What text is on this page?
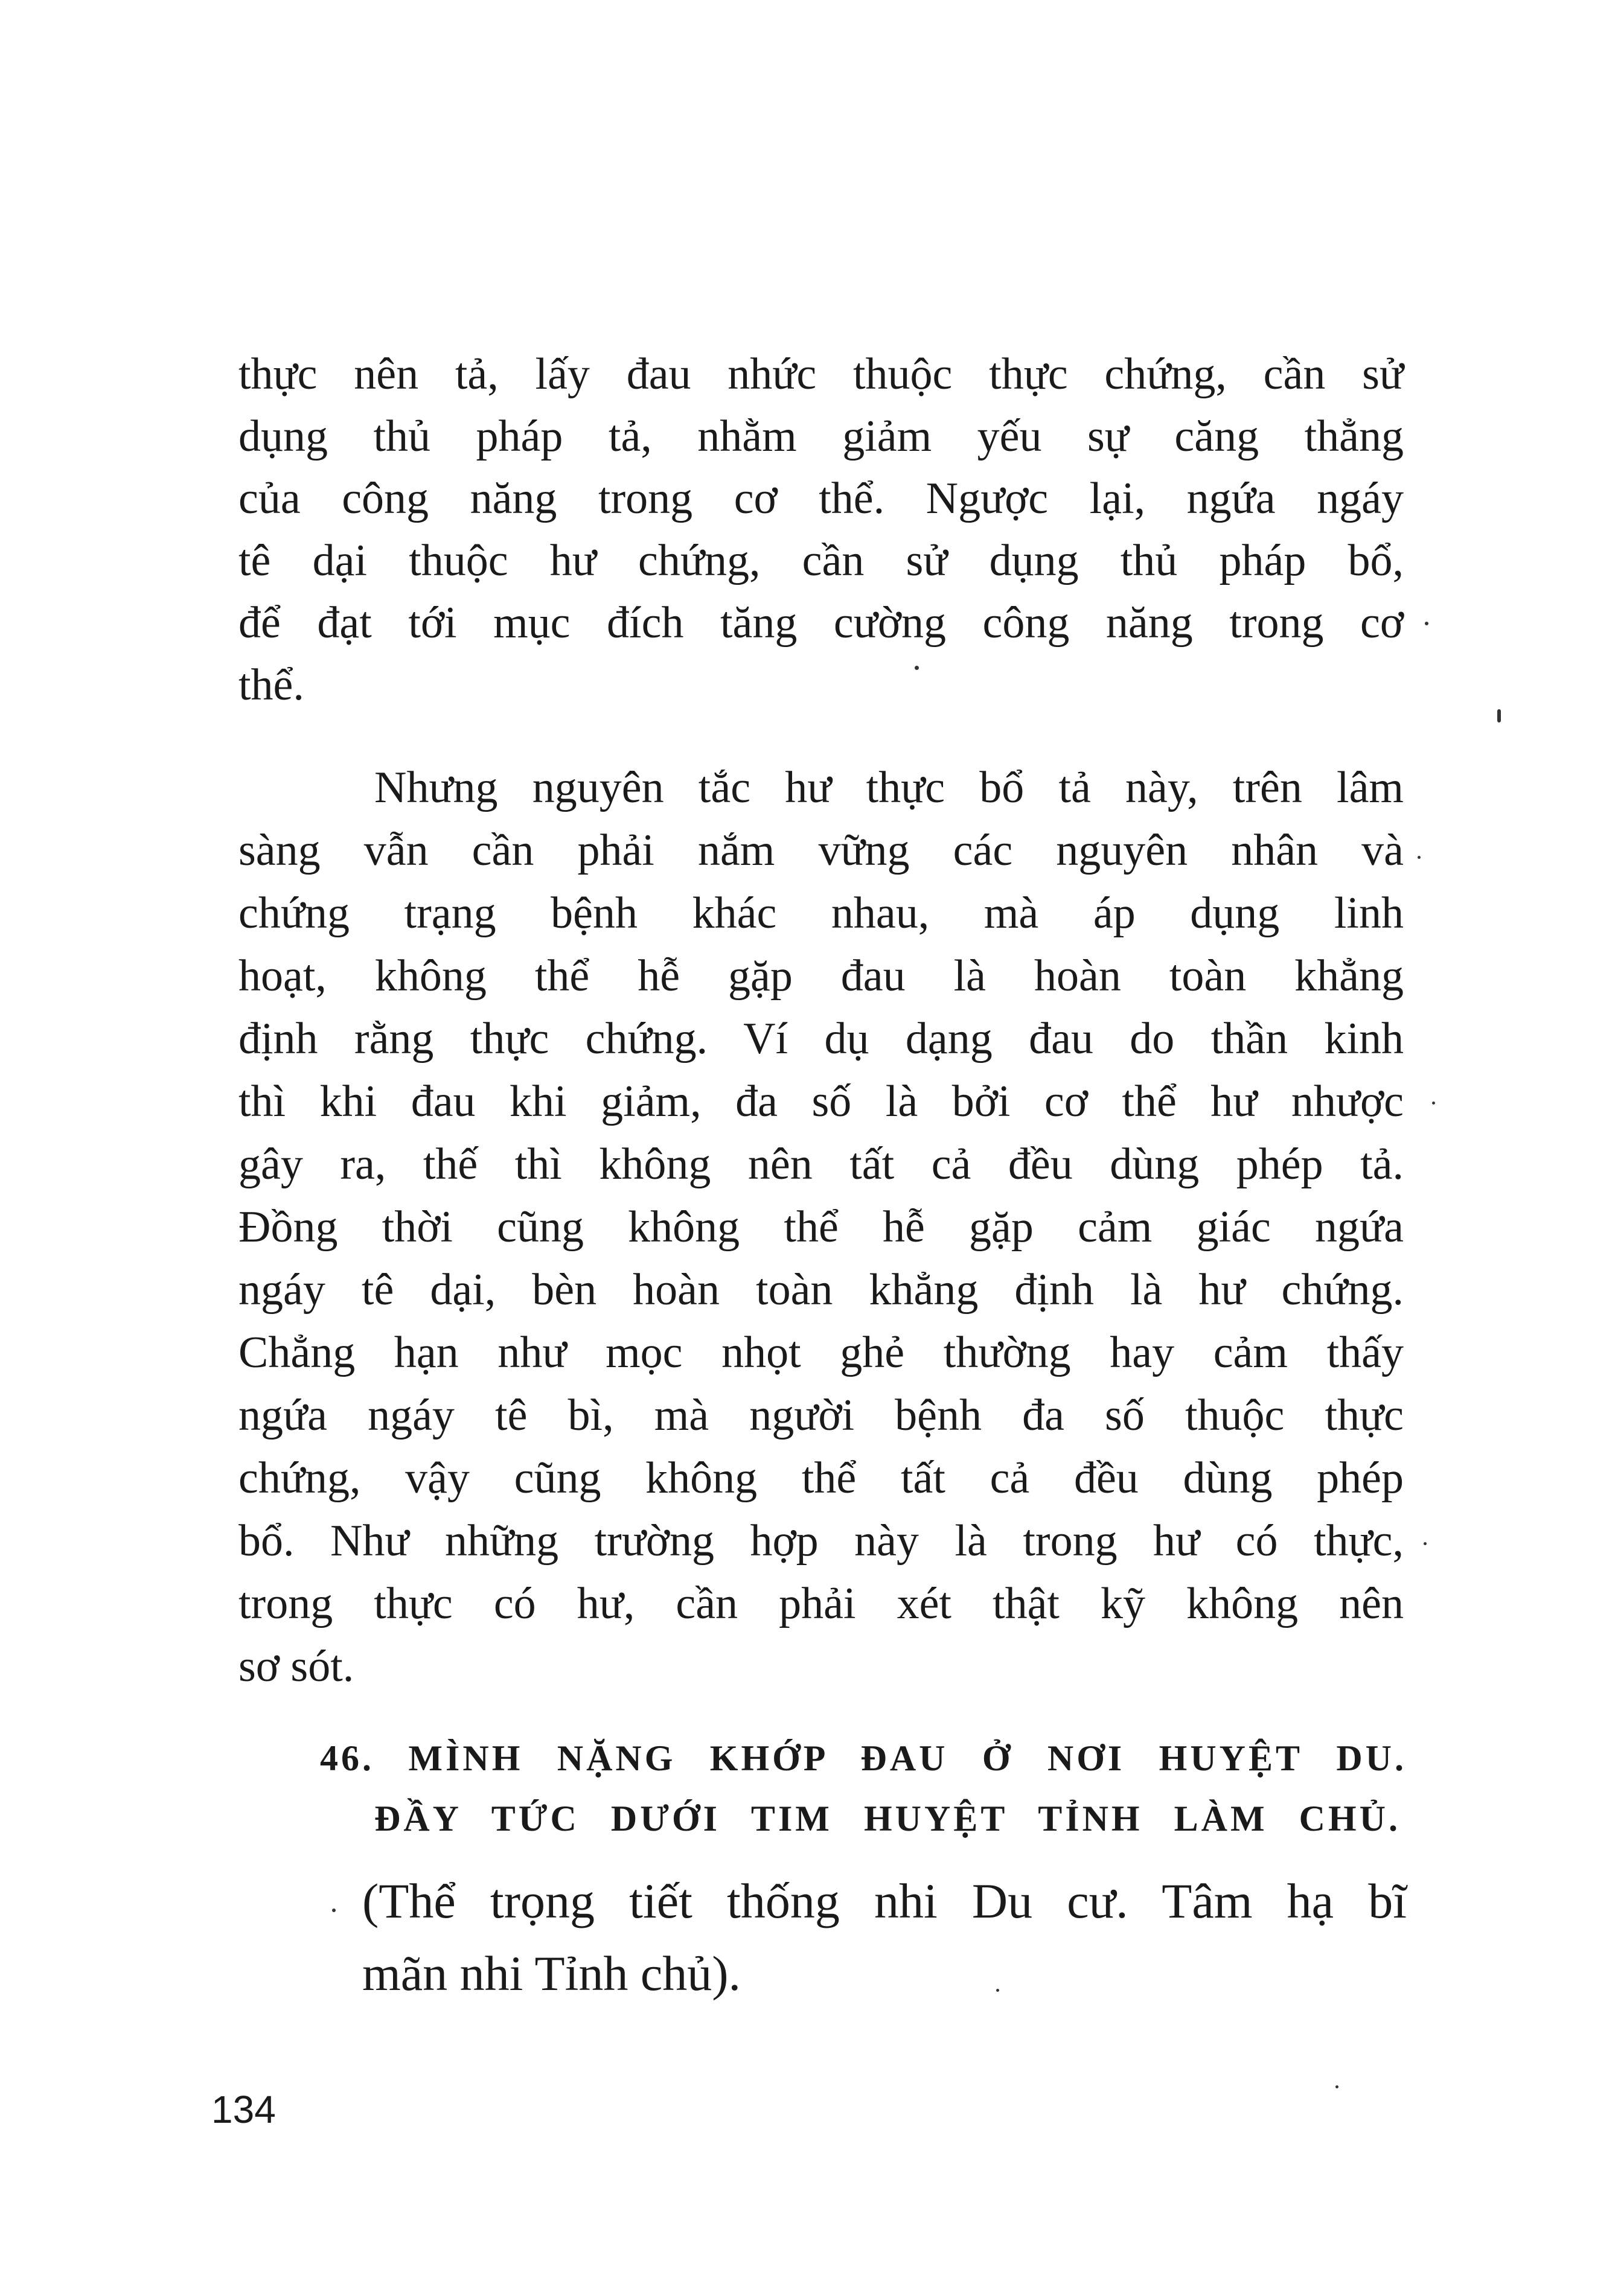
thực nên tả, lấy đau nhức thuộc thực chứng, cần sử
dụng thủ pháp tả, nhằm giảm yếu sự căng thẳng
của công năng trong cơ thể. Ngược lại, ngứa ngáy
tê dại thuộc hư chứng, cần sử dụng thủ pháp bổ,
để đạt tới mục đích tăng cường công năng trong cơ
thể.
Nhưng nguyên tắc hư thực bổ tả này, trên lâm
sàng vẫn cần phải nắm vững các nguyên nhân và
chứng trạng bệnh khác nhau, mà áp dụng linh
hoạt, không thể hễ gặp đau là hoàn toàn khẳng
định rằng thực chứng. Ví dụ dạng đau do thần kinh
thì khi đau khi giảm, đa số là bởi cơ thể hư nhược
gây ra, thế thì không nên tất cả đều dùng phép tả.
Đồng thời cũng không thể hễ gặp cảm giác ngứa
ngáy tê dại, bèn hoàn toàn khẳng định là hư chứng.
Chẳng hạn như mọc nhọt ghẻ thường hay cảm thấy
ngứa ngáy tê bì, mà người bệnh đa số thuộc thực
chứng, vậy cũng không thể tất cả đều dùng phép
bổ. Như những trường hợp này là trong hư có thực,
trong thực có hư, cần phải xét thật kỹ không nên
sơ sót.
46. MÌNH NẶNG KHỚP ĐAU Ở NƠI HUYỆT DU.
ĐẦY TỨC DƯỚI TIM HUYỆT TỈNH LÀM CHỦ.
(Thể trọng tiết thống nhi Du cư. Tâm hạ bĩ
mãn nhi Tỉnh chủ).
134
